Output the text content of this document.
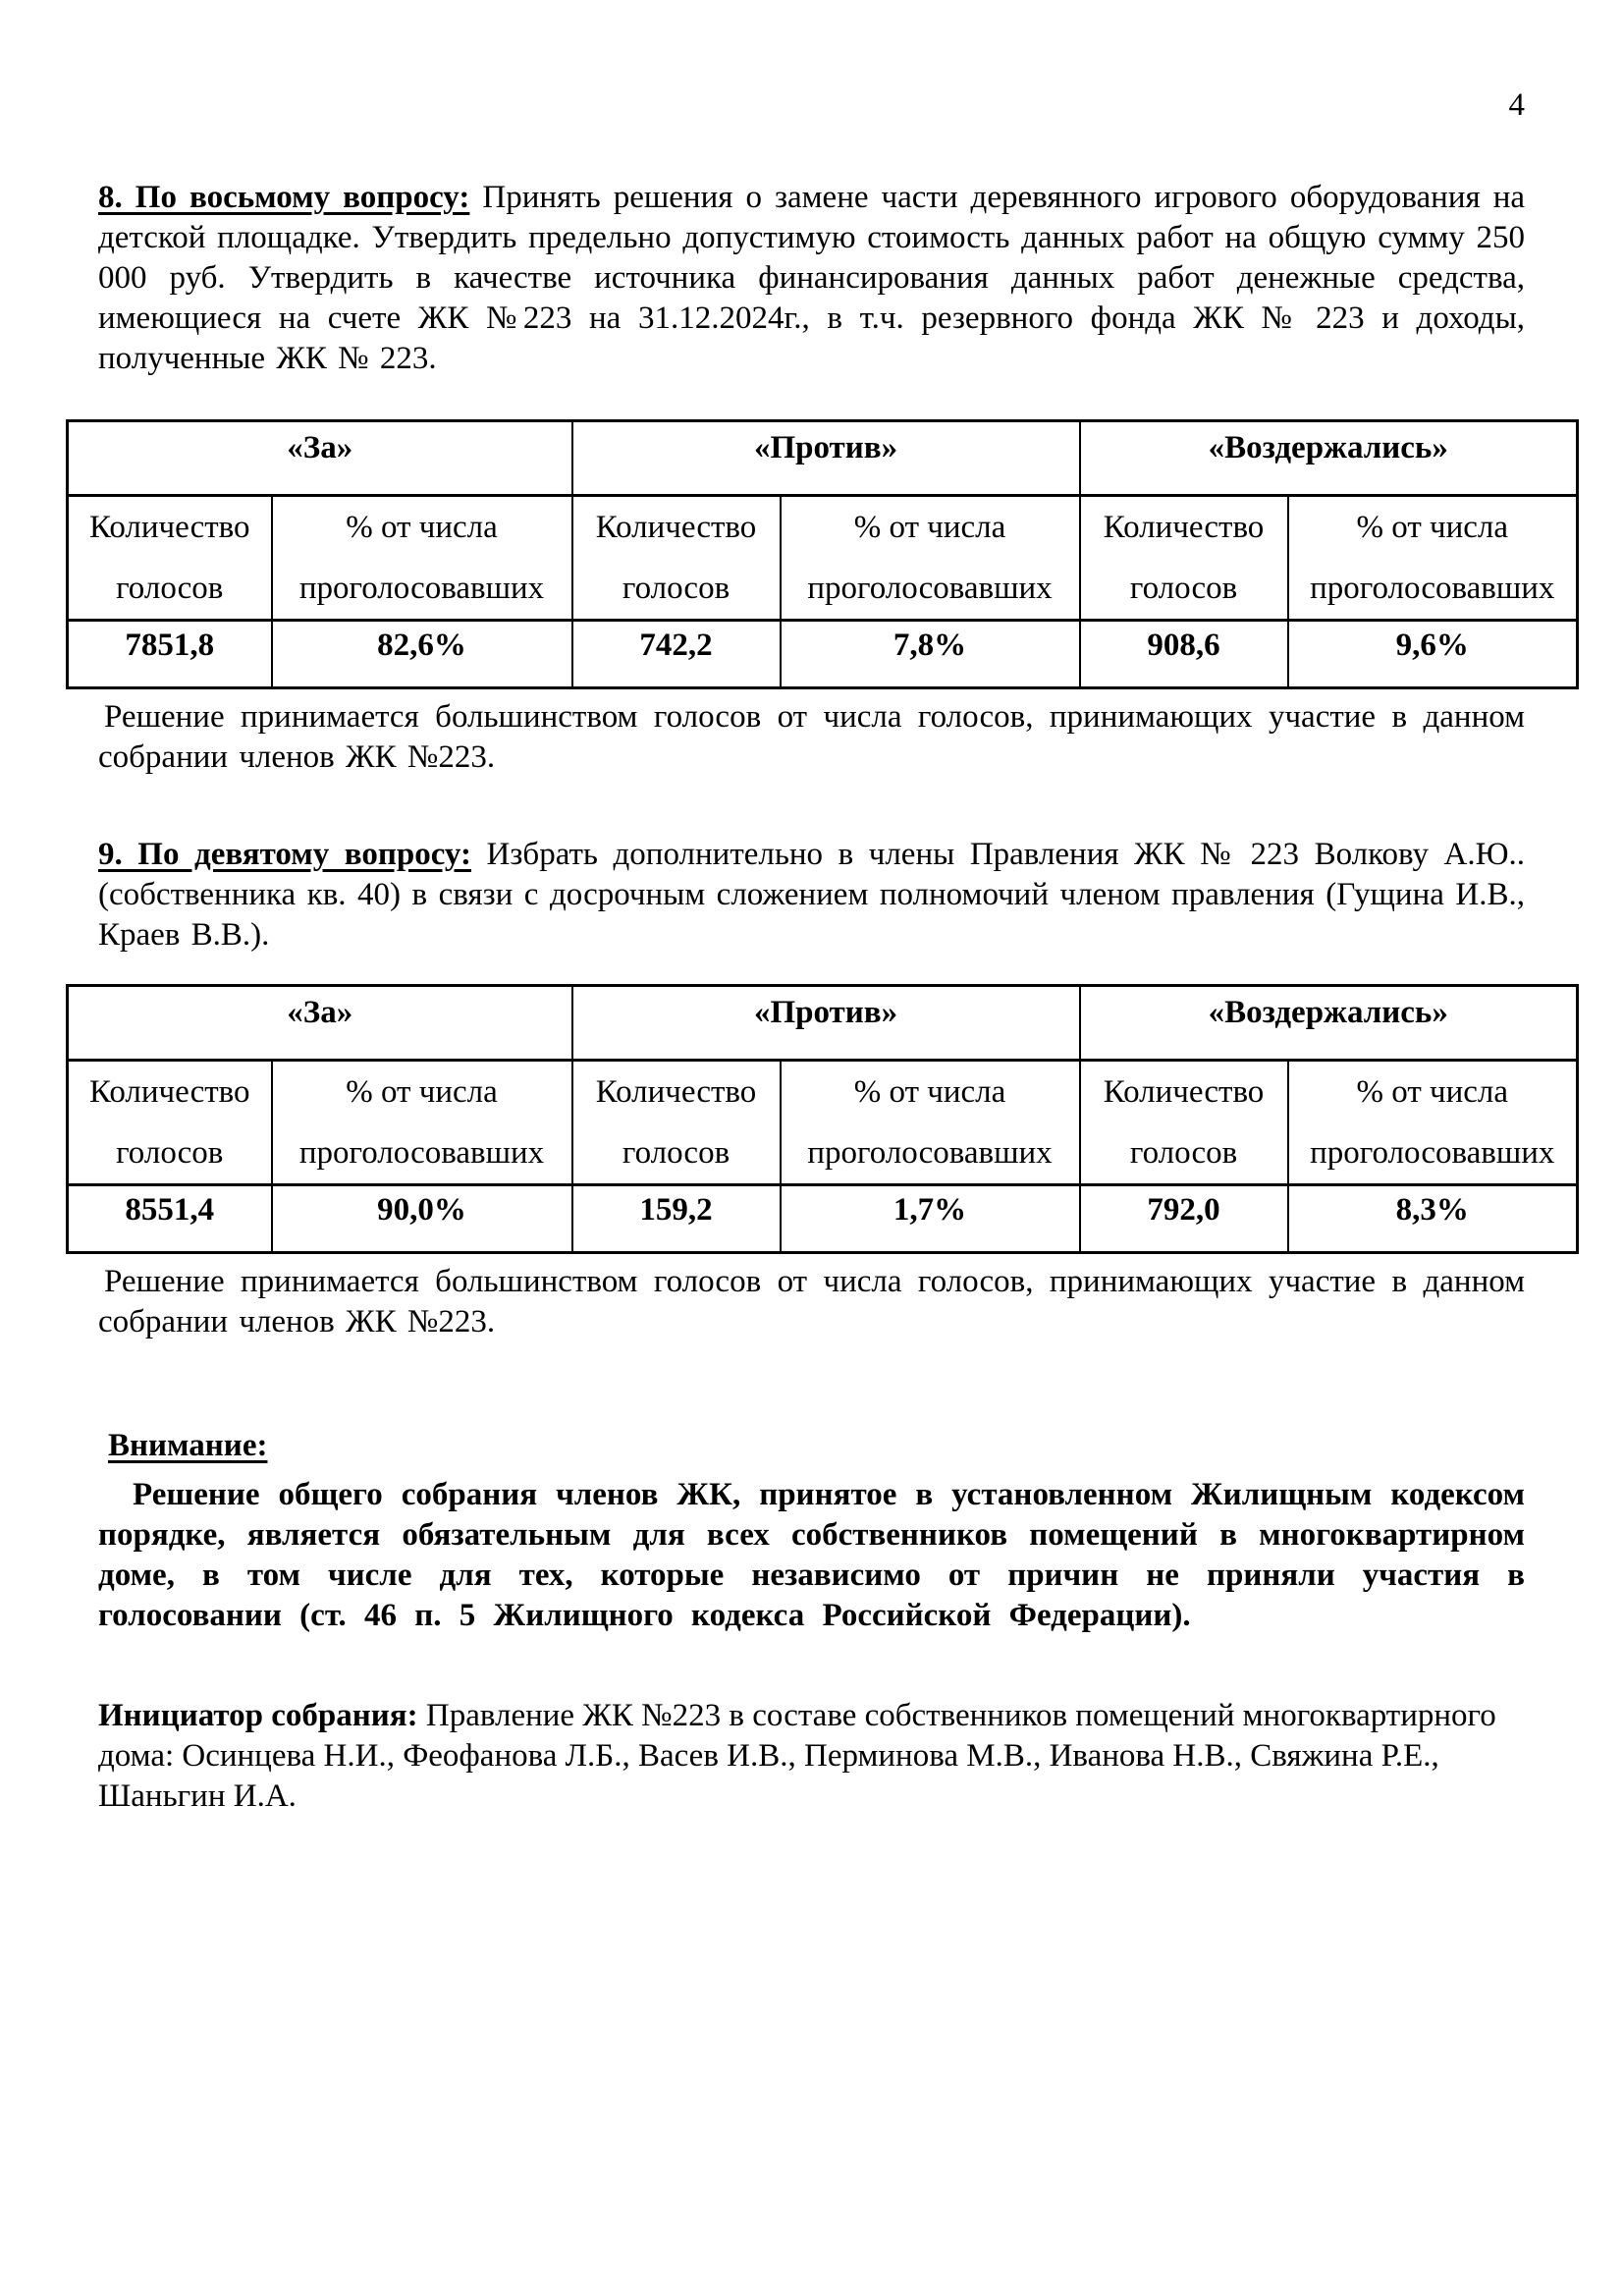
4

8. По восьмому вопросу: Принять решения о замене части деревянного игрового оборудования на детской площадке. Утвердить предельно допустимую стоимость данных работ на общую сумму 250 000 руб. Утвердить в качестве источника финансирования данных работ денежные средства, имеющиеся на счете ЖК №223 на 31.12.2024г., в т.ч. резервного фонда ЖК № 223 и доходы, полученные ЖК № 223.

«За»		«Против»		«Воздержались»	
Количество голосов	% от числа проголосовавших	Количество голосов	% от числа проголосовавших	Количество голосов	% от числа проголосовавших
7851,8	82,6%	742,2	7,8%	908,6	9,6%

Решение принимается большинством голосов от числа голосов, принимающих участие в данном собрании членов ЖК №223.

9. По девятому вопросу: Избрать дополнительно в члены Правления ЖК № 223 Волкову А.Ю.. (собственника кв. 40) в связи с досрочным сложением полномочий членом правления (Гущина И.В., Краев В.В.).

«За»		«Против»		«Воздержались»	
Количество голосов	% от числа проголосовавших	Количество голосов	% от числа проголосовавших	Количество голосов	% от числа проголосовавших
8551,4	90,0%	159,2	1,7%	792,0	8,3%

Решение принимается большинством голосов от числа голосов, принимающих участие в данном собрании членов ЖК №223.

Внимание:

Решение общего собрания членов ЖК, принятое в установленном Жилищным кодексом порядке, является обязательным для всех собственников помещений в многоквартирном доме, в том числе для тех, которые независимо от причин не приняли участия в голосовании (ст. 46 п. 5 Жилищного кодекса Российской Федерации).

Инициатор собрания: Правление ЖК №223 в составе собственников помещений многоквартирного дома: Осинцева Н.И., Феофанова Л.Б., Васев И.В., Перминова М.В., Иванова Н.В., Свяжина Р.Е., Шаньгин И.А.
